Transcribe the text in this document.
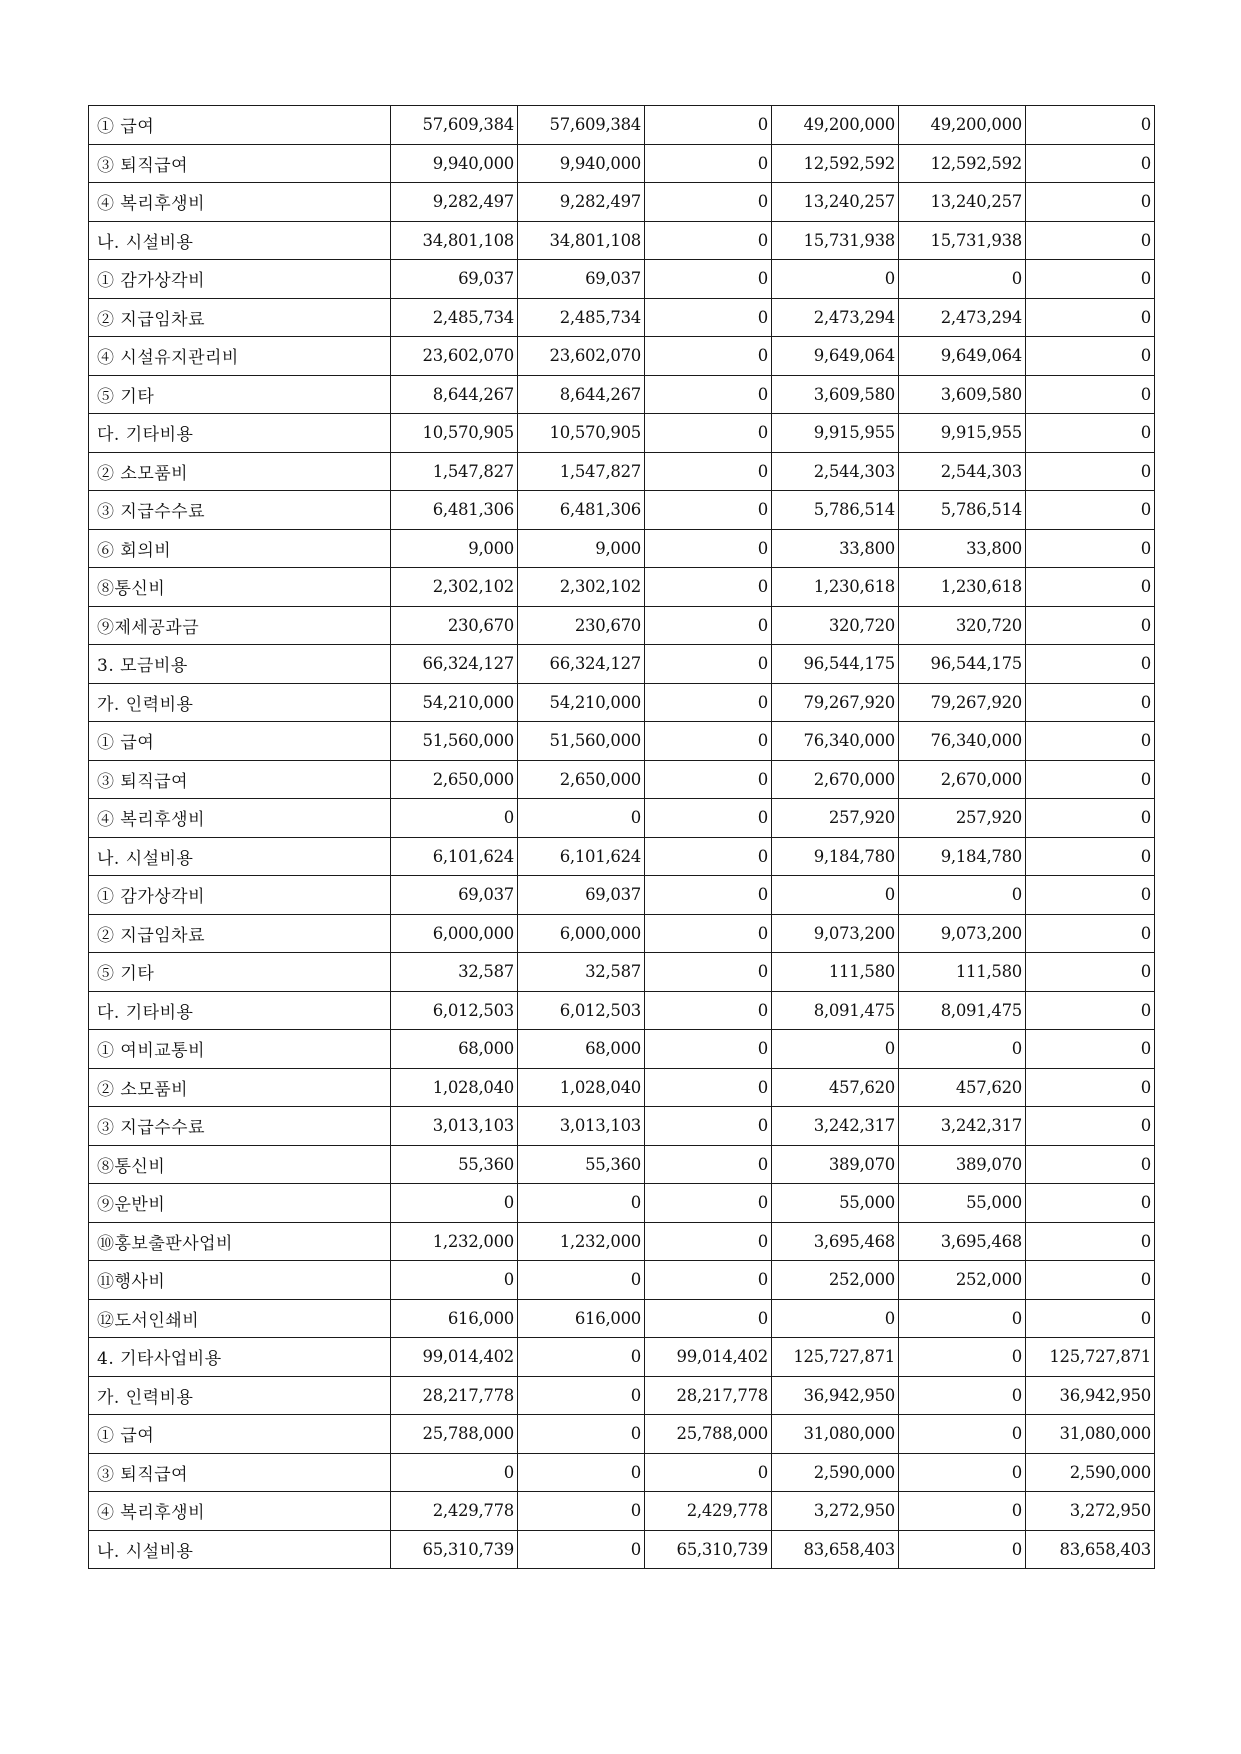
① 급여	57,609,384	57,609,384	0	49,200,000	49,200,000	0
③ 퇴직급여	9,940,000	9,940,000	0	12,592,592	12,592,592	0
④ 복리후생비	9,282,497	9,282,497	0	13,240,257	13,240,257	0
나. 시설비용	34,801,108	34,801,108	0	15,731,938	15,731,938	0
① 감가상각비	69,037	69,037	0	0	0	0
② 지급임차료	2,485,734	2,485,734	0	2,473,294	2,473,294	0
④ 시설유지관리비	23,602,070	23,602,070	0	9,649,064	9,649,064	0
⑤ 기타	8,644,267	8,644,267	0	3,609,580	3,609,580	0
다. 기타비용	10,570,905	10,570,905	0	9,915,955	9,915,955	0
② 소모품비	1,547,827	1,547,827	0	2,544,303	2,544,303	0
③ 지급수수료	6,481,306	6,481,306	0	5,786,514	5,786,514	0
⑥ 회의비	9,000	9,000	0	33,800	33,800	0
⑧통신비	2,302,102	2,302,102	0	1,230,618	1,230,618	0
⑨제세공과금	230,670	230,670	0	320,720	320,720	0
3. 모금비용	66,324,127	66,324,127	0	96,544,175	96,544,175	0
가. 인력비용	54,210,000	54,210,000	0	79,267,920	79,267,920	0
① 급여	51,560,000	51,560,000	0	76,340,000	76,340,000	0
③ 퇴직급여	2,650,000	2,650,000	0	2,670,000	2,670,000	0
④ 복리후생비	0	0	0	257,920	257,920	0
나. 시설비용	6,101,624	6,101,624	0	9,184,780	9,184,780	0
① 감가상각비	69,037	69,037	0	0	0	0
② 지급임차료	6,000,000	6,000,000	0	9,073,200	9,073,200	0
⑤ 기타	32,587	32,587	0	111,580	111,580	0
다. 기타비용	6,012,503	6,012,503	0	8,091,475	8,091,475	0
① 여비교통비	68,000	68,000	0	0	0	0
② 소모품비	1,028,040	1,028,040	0	457,620	457,620	0
③ 지급수수료	3,013,103	3,013,103	0	3,242,317	3,242,317	0
⑧통신비	55,360	55,360	0	389,070	389,070	0
⑨운반비	0	0	0	55,000	55,000	0
⑩홍보출판사업비	1,232,000	1,232,000	0	3,695,468	3,695,468	0
⑪행사비	0	0	0	252,000	252,000	0
⑫도서인쇄비	616,000	616,000	0	0	0	0
4. 기타사업비용	99,014,402	0	99,014,402	125,727,871	0	125,727,871
가. 인력비용	28,217,778	0	28,217,778	36,942,950	0	36,942,950
① 급여	25,788,000	0	25,788,000	31,080,000	0	31,080,000
③ 퇴직급여	0	0	0	2,590,000	0	2,590,000
④ 복리후생비	2,429,778	0	2,429,778	3,272,950	0	3,272,950
나. 시설비용	65,310,739	0	65,310,739	83,658,403	0	83,658,403
